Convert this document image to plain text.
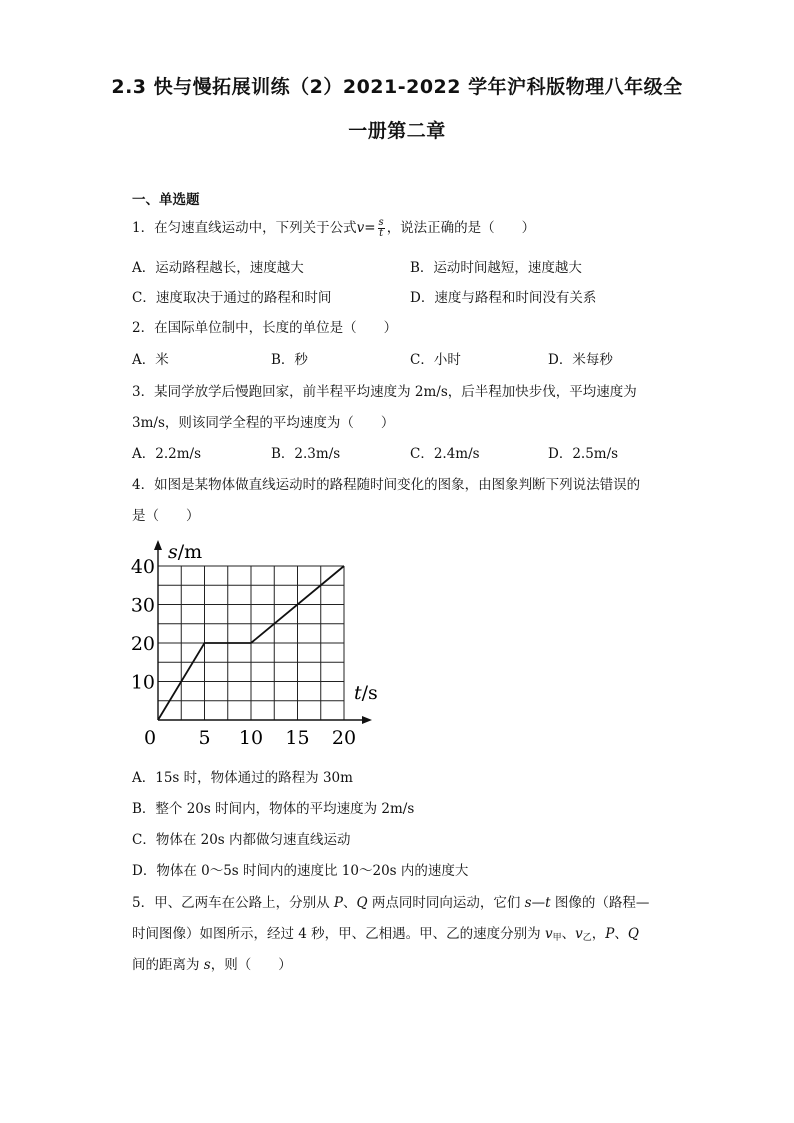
2.3 快与慢拓展训练（2）2021-2022 学年沪科版物理八年级全
一册第二章
一、单选题
1．在匀速直线运动中，下列关于公式$v= \frac{s}{t}$ ，说法正确的是（　　）
A．运动路程越长，速度越大	B．运动时间越短，速度越大
C．速度取决于通过的路程和时间	D．速度与路程和时间没有关系
2．在国际单位制中，长度的单位是（　　）
A．米	B．秒	C．小时	D．米每秒
3．某同学放学后慢跑回家，前半程平均速度为 2m/s，后半程加快步伐，平均速度为
3m/s，则该同学全程的平均速度为（　　）
A．2.2m/s	B．2.3m/s	C．2.4m/s	D．2.5m/s
4．如图是某物体做直线运动时的路程随时间变化的图象，由图象判断下列说法错误的
是（　　）
0 5 10 15 20
10
20
30
40
s/m
t/s
A．15s 时，物体通过的路程为 30m
B．整个 20s 时间内，物体的平均速度为 2m/s
C．物体在 20s 内都做匀速直线运动
D．物体在 0～5s 时间内的速度比 10～20s 内的速度大
5．甲、乙两车在公路上，分别从 P、Q 两点同时同向运动，它们 s—t 图像的（路程—
时间图像）如图所示，经过 4 秒，甲、乙相遇。甲、乙的速度分别为 $v_甲$、$v_乙$，P、Q
间的距离为 s，则（　　）
